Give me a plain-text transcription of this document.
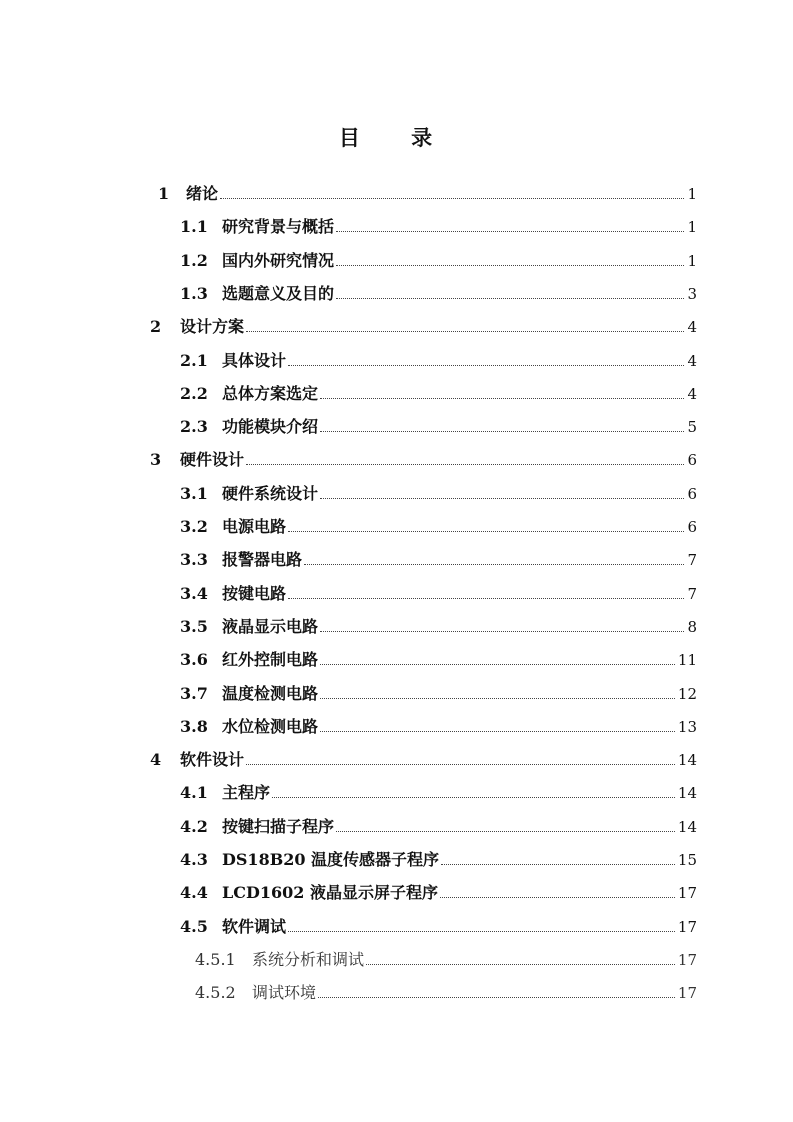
目 录
1	绪论	1
1.1 研究背景与概括	1
1.2 国内外研究情况	1
1.3 选题意义及目的	3
2	设计方案	4
2.1 具体设计	4
2.2 总体方案选定	4
2.3 功能模块介绍	5
3	硬件设计	6
3.1 硬件系统设计	6
3.2 电源电路	6
3.3 报警器电路	7
3.4 按键电路	7
3.5 液晶显示电路	8
3.6 红外控制电路	11
3.7 温度检测电路	12
3.8 水位检测电路	13
4	软件设计	14
4.1 主程序	14
4.2 按键扫描子程序	14
4.3 DS18B20 温度传感器子程序	15
4.4 LCD1602 液晶显示屏子程序	17
4.5 软件调试	17
4.5.1	系统分析和调试	17
4.5.2	调试环境	17
